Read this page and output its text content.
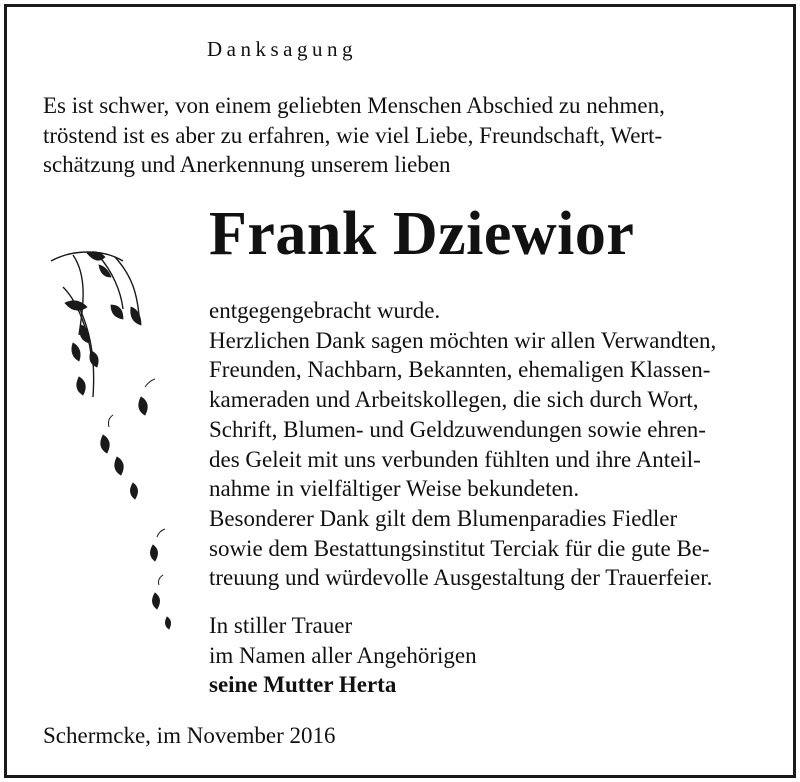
Danksagung

Es ist schwer, von einem geliebten Menschen Abschied zu nehmen,
tröstend ist es aber zu erfahren, wie viel Liebe, Freundschaft, Wert-
schätzung und Anerkennung unserem lieben

Frank Dziewior

entgegengebracht wurde.
Herzlichen Dank sagen möchten wir allen Verwandten,
Freunden, Nachbarn, Bekannten, ehemaligen Klassen-
kameraden und Arbeitskollegen, die sich durch Wort,
Schrift, Blumen- und Geldzuwendungen sowie ehren-
des Geleit mit uns verbunden fühlten und ihre Anteil-
nahme in vielfältiger Weise bekundeten.
Besonderer Dank gilt dem Blumenparadies Fiedler
sowie dem Bestattungsinstitut Terciak für die gute Be-
treuung und würdevolle Ausgestaltung der Trauerfeier.

In stiller Trauer
im Namen aller Angehörigen
seine Mutter Herta

Schermcke, im November 2016
